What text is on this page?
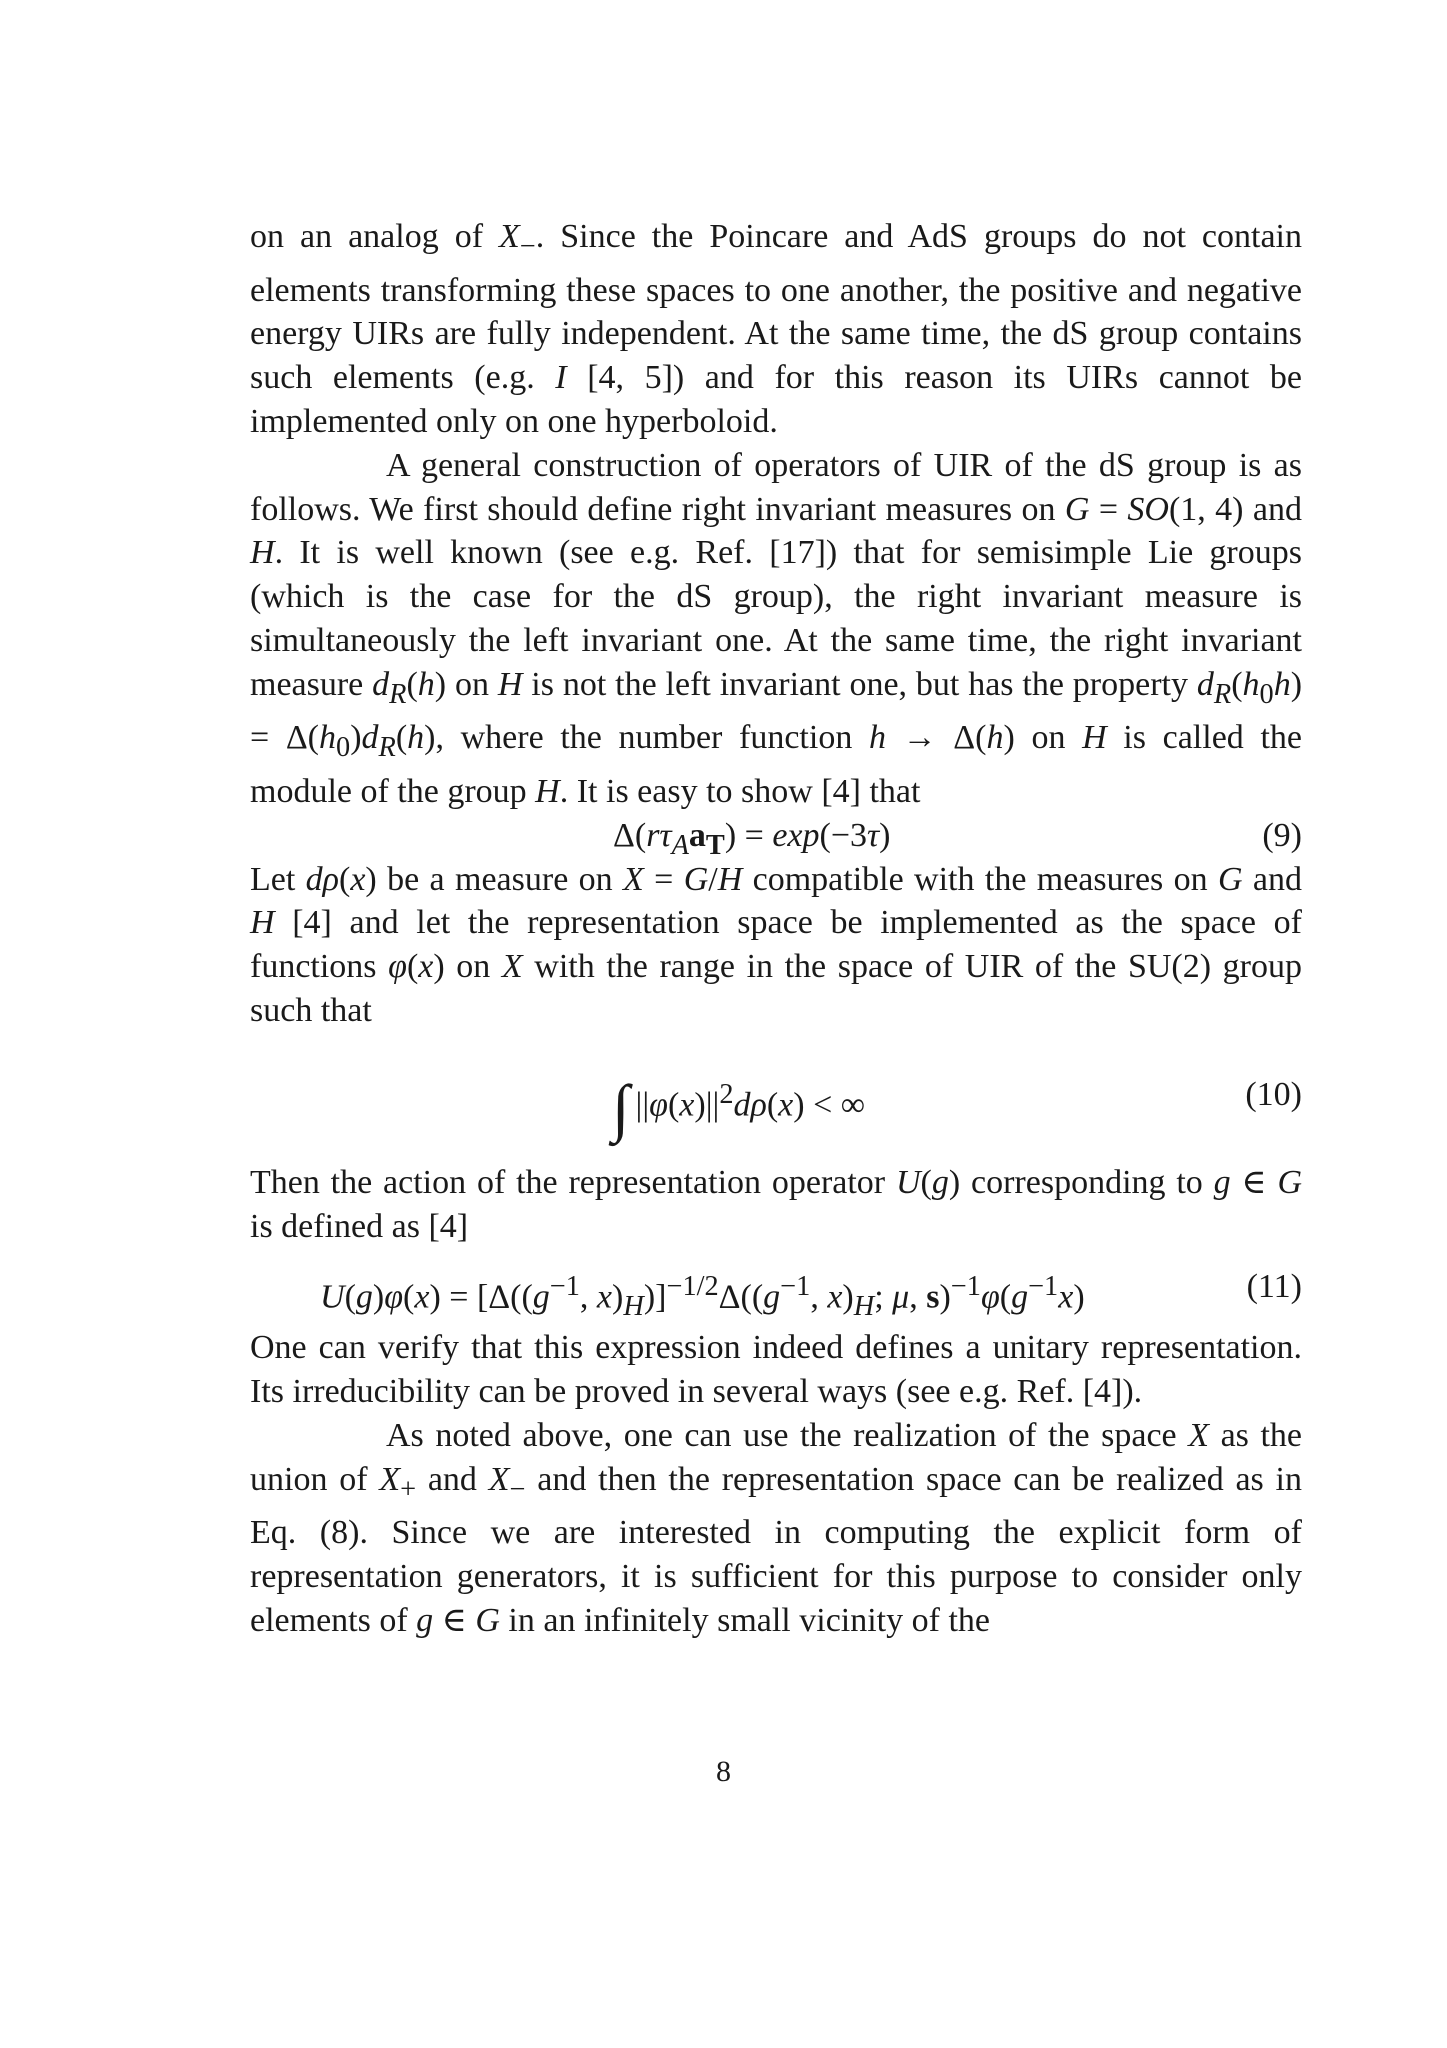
on an analog of $X_-$. Since the Poincare and AdS groups do not contain elements transforming these spaces to one another, the positive and negative energy UIRs are fully independent. At the same time, the dS group contains such elements (e.g. I [4, 5]) and for this reason its UIRs cannot be implemented only on one hyperboloid.

A general construction of operators of UIR of the dS group is as follows. We first should define right invariant measures on G = SO(1, 4) and H. It is well known (see e.g. Ref. [17]) that for semisimple Lie groups (which is the case for the dS group), the right invariant measure is simultaneously the left invariant one. At the same time, the right invariant measure $d_R(h)$ on H is not the left invariant one, but has the property $d_R(h_0h) = \Delta(h_0)d_R(h)$, where the number function h → Δ(h) on H is called the module of the group H. It is easy to show [4] that

$\Delta(r\tau_Aa_T) = \exp(-3\tau)$	(9)

Let dρ(x) be a measure on X = G/H compatible with the measures on G and H [4] and let the representation space be implemented as the space of functions φ(x) on X with the range in the space of UIR of the SU(2) group such that

∫ $||\varphi(x)||^2d\rho(x)$ < ∞	(10)

Then the action of the representation operator U(g) corresponding to g ∈ G is defined as [4]

$U(g)\varphi(x) = [\Delta((g^{-1}$, $x)_H)]^{-1/2}\Delta((g^{-1}$, $x)_H$; μ, $s)^{-1}\varphi(g^{-1}x)$	(11)

One can verify that this expression indeed defines a unitary representation. Its irreducibility can be proved in several ways (see e.g. Ref. [4]).

As noted above, one can use the realization of the space X as the union of $X_+$ and $X_-$ and then the representation space can be realized as in Eq. (8). Since we are interested in computing the explicit form of representation generators, it is sufficient for this purpose to consider only elements of g ∈ G in an infinitely small vicinity of the

8
